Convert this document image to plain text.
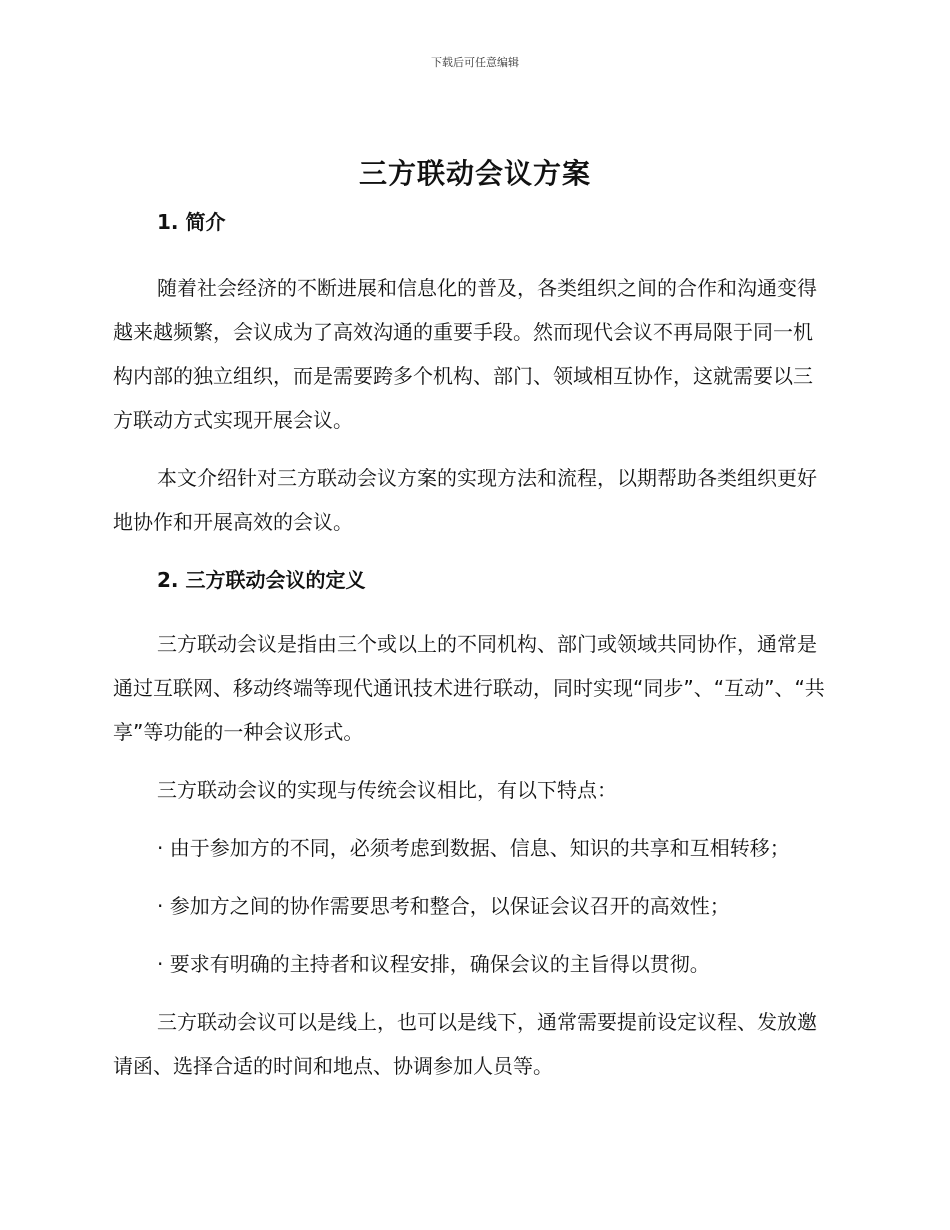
下载后可任意编辑
三方联动会议方案
1. 简介

随着社会经济的不断进展和信息化的普及，各类组织之间的合作和沟通变得越来越频繁，会议成为了高效沟通的重要手段。然而现代会议不再局限于同一机构内部的独立组织，而是需要跨多个机构、部门、领域相互协作，这就需要以三方联动方式实现开展会议。

本文介绍针对三方联动会议方案的实现方法和流程，以期帮助各类组织更好地协作和开展高效的会议。

2. 三方联动会议的定义

三方联动会议是指由三个或以上的不同机构、部门或领域共同协作，通常是通过互联网、移动终端等现代通讯技术进行联动，同时实现“同步”、“互动”、“共享”等功能的一种会议形式。

三方联动会议的实现与传统会议相比，有以下特点：

· 由于参加方的不同，必须考虑到数据、信息、知识的共享和互相转移；

· 参加方之间的协作需要思考和整合，以保证会议召开的高效性；

· 要求有明确的主持者和议程安排，确保会议的主旨得以贯彻。

三方联动会议可以是线上，也可以是线下，通常需要提前设定议程、发放邀请函、选择合适的时间和地点、协调参加人员等。
